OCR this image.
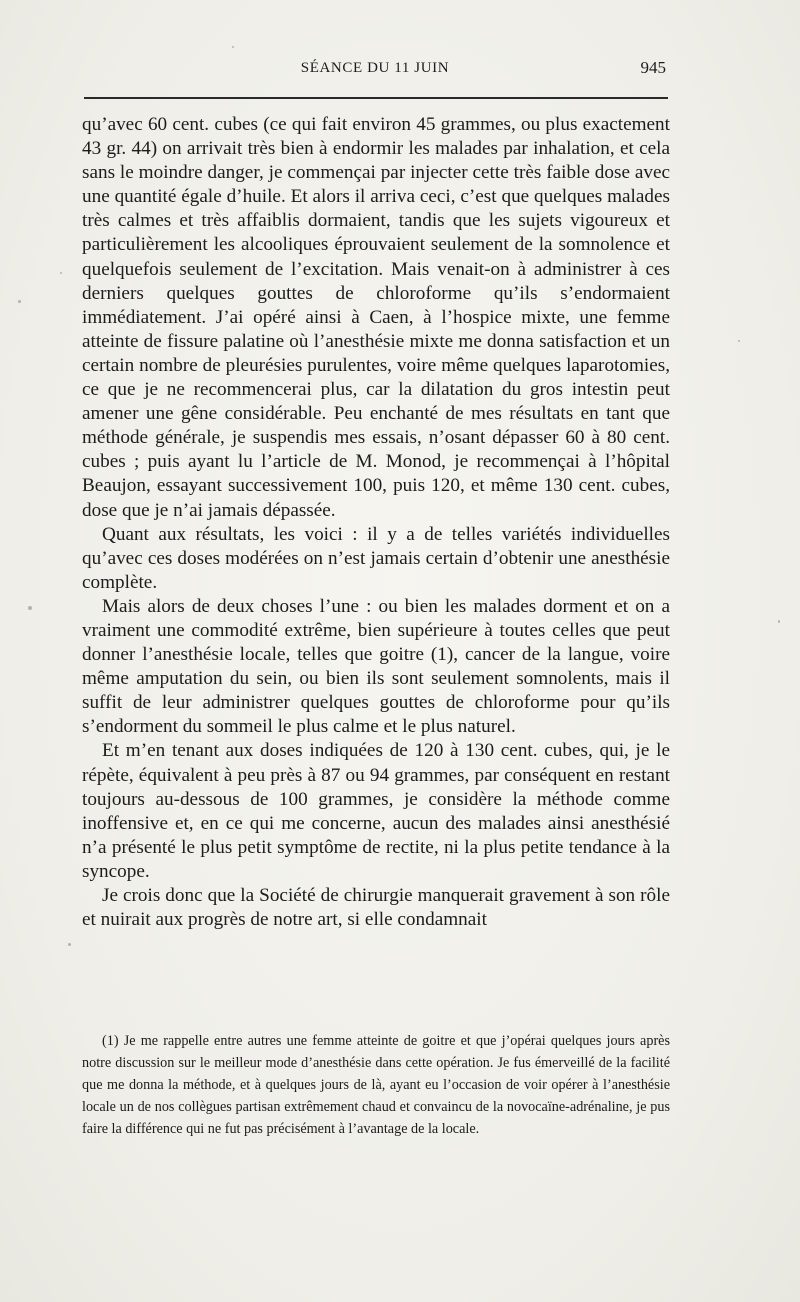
SÉANCE DU 11 JUIN	945

qu’avec 60 cent. cubes (ce qui fait environ 45 grammes, ou plus exactement 43 gr. 44) on arrivait très bien à endormir les malades par inhalation, et cela sans le moindre danger, je commençai par injecter cette très faible dose avec une quantité égale d’huile. Et alors il arriva ceci, c’est que quelques malades très calmes et très affaiblis dormaient, tandis que les sujets vigoureux et particulièrement les alcooliques éprouvaient seulement de la somnolence et quelquefois seulement de l’excitation. Mais venait-on à administrer à ces derniers quelques gouttes de chloroforme qu’ils s’endormaient immédiatement. J’ai opéré ainsi à Caen, à l’hospice mixte, une femme atteinte de fissure palatine où l’anesthésie mixte me donna satisfaction et un certain nombre de pleurésies purulentes, voire même quelques laparotomies, ce que je ne recommencerai plus, car la dilatation du gros intestin peut amener une gêne considérable. Peu enchanté de mes résultats en tant que méthode générale, je suspendis mes essais, n’osant dépasser 60 à 80 cent. cubes ; puis ayant lu l’article de M. Monod, je recommençai à l’hôpital Beaujon, essayant successivement 100, puis 120, et même 130 cent. cubes, dose que je n’ai jamais dépassée.

Quant aux résultats, les voici : il y a de telles variétés individuelles qu’avec ces doses modérées on n’est jamais certain d’obtenir une anesthésie complète.

Mais alors de deux choses l’une : ou bien les malades dorment et on a vraiment une commodité extrême, bien supérieure à toutes celles que peut donner l’anesthésie locale, telles que goitre (1), cancer de la langue, voire même amputation du sein, ou bien ils sont seulement somnolents, mais il suffit de leur administrer quelques gouttes de chloroforme pour qu’ils s’endorment du sommeil le plus calme et le plus naturel.

Et m’en tenant aux doses indiquées de 120 à 130 cent. cubes, qui, je le répète, équivalent à peu près à 87 ou 94 grammes, par conséquent en restant toujours au-dessous de 100 grammes, je considère la méthode comme inoffensive et, en ce qui me concerne, aucun des malades ainsi anesthésié n’a présenté le plus petit symptôme de rectite, ni la plus petite tendance à la syncope.

Je crois donc que la Société de chirurgie manquerait gravement à son rôle et nuirait aux progrès de notre art, si elle condamnait

(1) Je me rappelle entre autres une femme atteinte de goitre et que j’opérai quelques jours après notre discussion sur le meilleur mode d’anesthésie dans cette opération. Je fus émerveillé de la facilité que me donna la méthode, et à quelques jours de là, ayant eu l’occasion de voir opérer à l’anesthésie locale un de nos collègues partisan extrêmement chaud et convaincu de la novocaïne-adrénaline, je pus faire la différence qui ne fut pas précisément à l’avantage de la locale.
